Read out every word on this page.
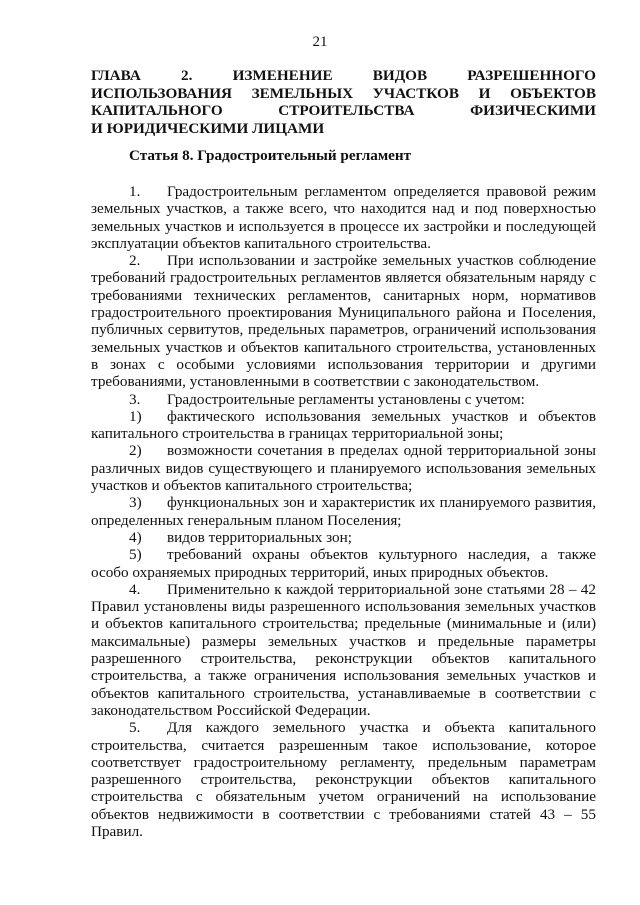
21
ГЛАВА 2. ИЗМЕНЕНИЕ ВИДОВ РАЗРЕШЕННОГО
ИСПОЛЬЗОВАНИЯ ЗЕМЕЛЬНЫХ УЧАСТКОВ И ОБЪЕКТОВ
КАПИТАЛЬНОГО СТРОИТЕЛЬСТВА ФИЗИЧЕСКИМИ
И ЮРИДИЧЕСКИМИ ЛИЦАМИ
Статья 8. Градостроительный регламент

1. Градостроительным регламентом определяется правовой режим земельных участков, а также всего, что находится над и под поверхностью земельных участков и используется в процессе их застройки и последующей эксплуатации объектов капитального строительства.

2. При использовании и застройке земельных участков соблюдение требований градостроительных регламентов является обязательным наряду с требованиями технических регламентов, санитарных норм, нормативов градостроительного проектирования Муниципального района и Поселения, публичных сервитутов, предельных параметров, ограничений использования земельных участков и объектов капитального строительства, установленных в зонах с особыми условиями использования территории и другими требованиями, установленными в соответствии с законодательством.

3. Градостроительные регламенты установлены с учетом:

1) фактического использования земельных участков и объектов капитального строительства в границах территориальной зоны;

2) возможности сочетания в пределах одной территориальной зоны различных видов существующего и планируемого использования земельных участков и объектов капитального строительства;

3) функциональных зон и характеристик их планируемого развития, определенных генеральным планом Поселения;

4) видов территориальных зон;

5) требований охраны объектов культурного наследия, а также особо охраняемых природных территорий, иных природных объектов.

4. Применительно к каждой территориальной зоне статьями 28 – 42 Правил установлены виды разрешенного использования земельных участков и объектов капитального строительства; предельные (минимальные и (или) максимальные) размеры земельных участков и предельные параметры разрешенного строительства, реконструкции объектов капитального строительства, а также ограничения использования земельных участков и объектов капитального строительства, устанавливаемые в соответствии с законодательством Российской Федерации.

5. Для каждого земельного участка и объекта капитального строительства, считается разрешенным такое использование, которое соответствует градостроительному регламенту, предельным параметрам разрешенного строительства, реконструкции объектов капитального строительства с обязательным учетом ограничений на использование объектов недвижимости в соответствии с требованиями статей 43 – 55 Правил.
